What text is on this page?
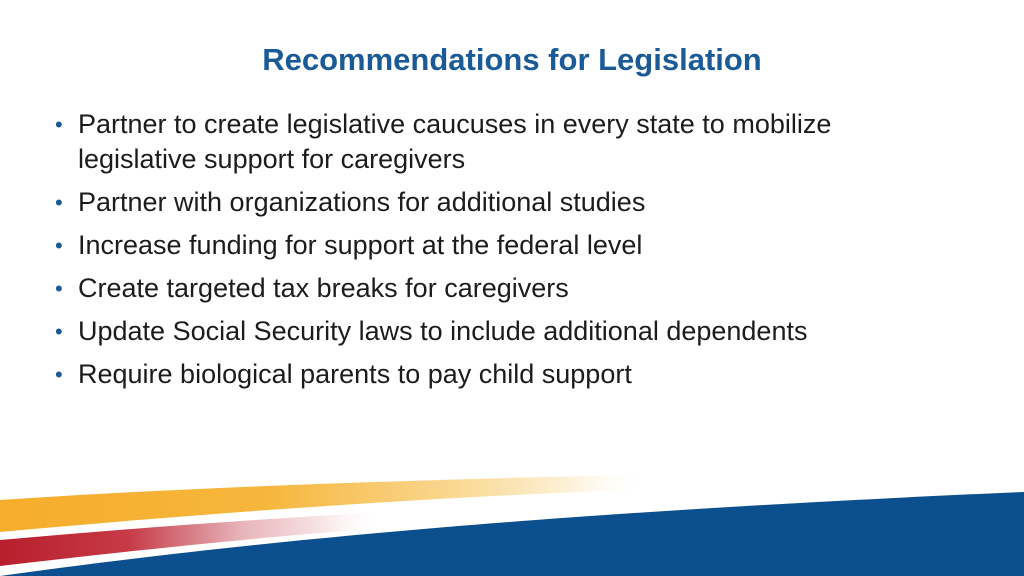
Recommendations for Legislation
• Partner to create legislative caucuses in every state to mobilize legislative support for caregivers
• Partner with organizations for additional studies
• Increase funding for support at the federal level
• Create targeted tax breaks for caregivers
• Update Social Security laws to include additional dependents
• Require biological parents to pay child support
